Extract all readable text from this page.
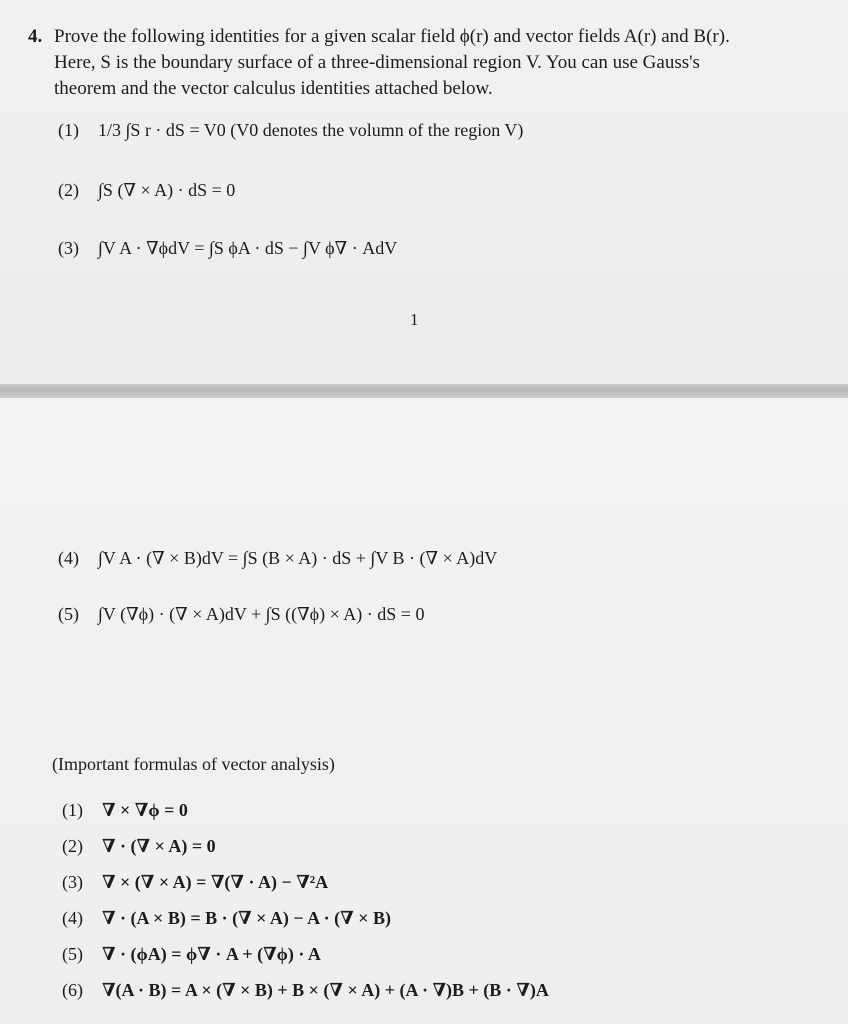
4. Prove the following identities for a given scalar field ϕ(r) and vector fields A(r) and B(r).
Here, S is the boundary surface of a three-dimensional region V. You can use Gauss's
theorem and the vector calculus identities attached below.
(1) 1/3 ∫S r · dS = V0 (V0 denotes the volumn of the region V)
(2) ∫S (∇ × A) · dS = 0
(3) ∫V A · ∇ϕdV = ∫S ϕA · dS − ∫V ϕ∇ · AdV
1
(4) ∫V A · (∇ × B)dV = ∫S (B × A) · dS + ∫V B · (∇ × A)dV
(5) ∫V (∇ϕ) · (∇ × A)dV + ∫S ((∇ϕ) × A) · dS = 0
(Important formulas of vector analysis)
(1) ∇ × ∇ϕ = 0
(2) ∇ · (∇ × A) = 0
(3) ∇ × (∇ × A) = ∇(∇ · A) − ∇²A
(4) ∇ · (A × B) = B · (∇ × A) − A · (∇ × B)
(5) ∇ · (ϕA) = ϕ∇ · A + (∇ϕ) · A
(6) ∇(A · B) = A × (∇ × B) + B × (∇ × A) + (A · ∇)B + (B · ∇)A
